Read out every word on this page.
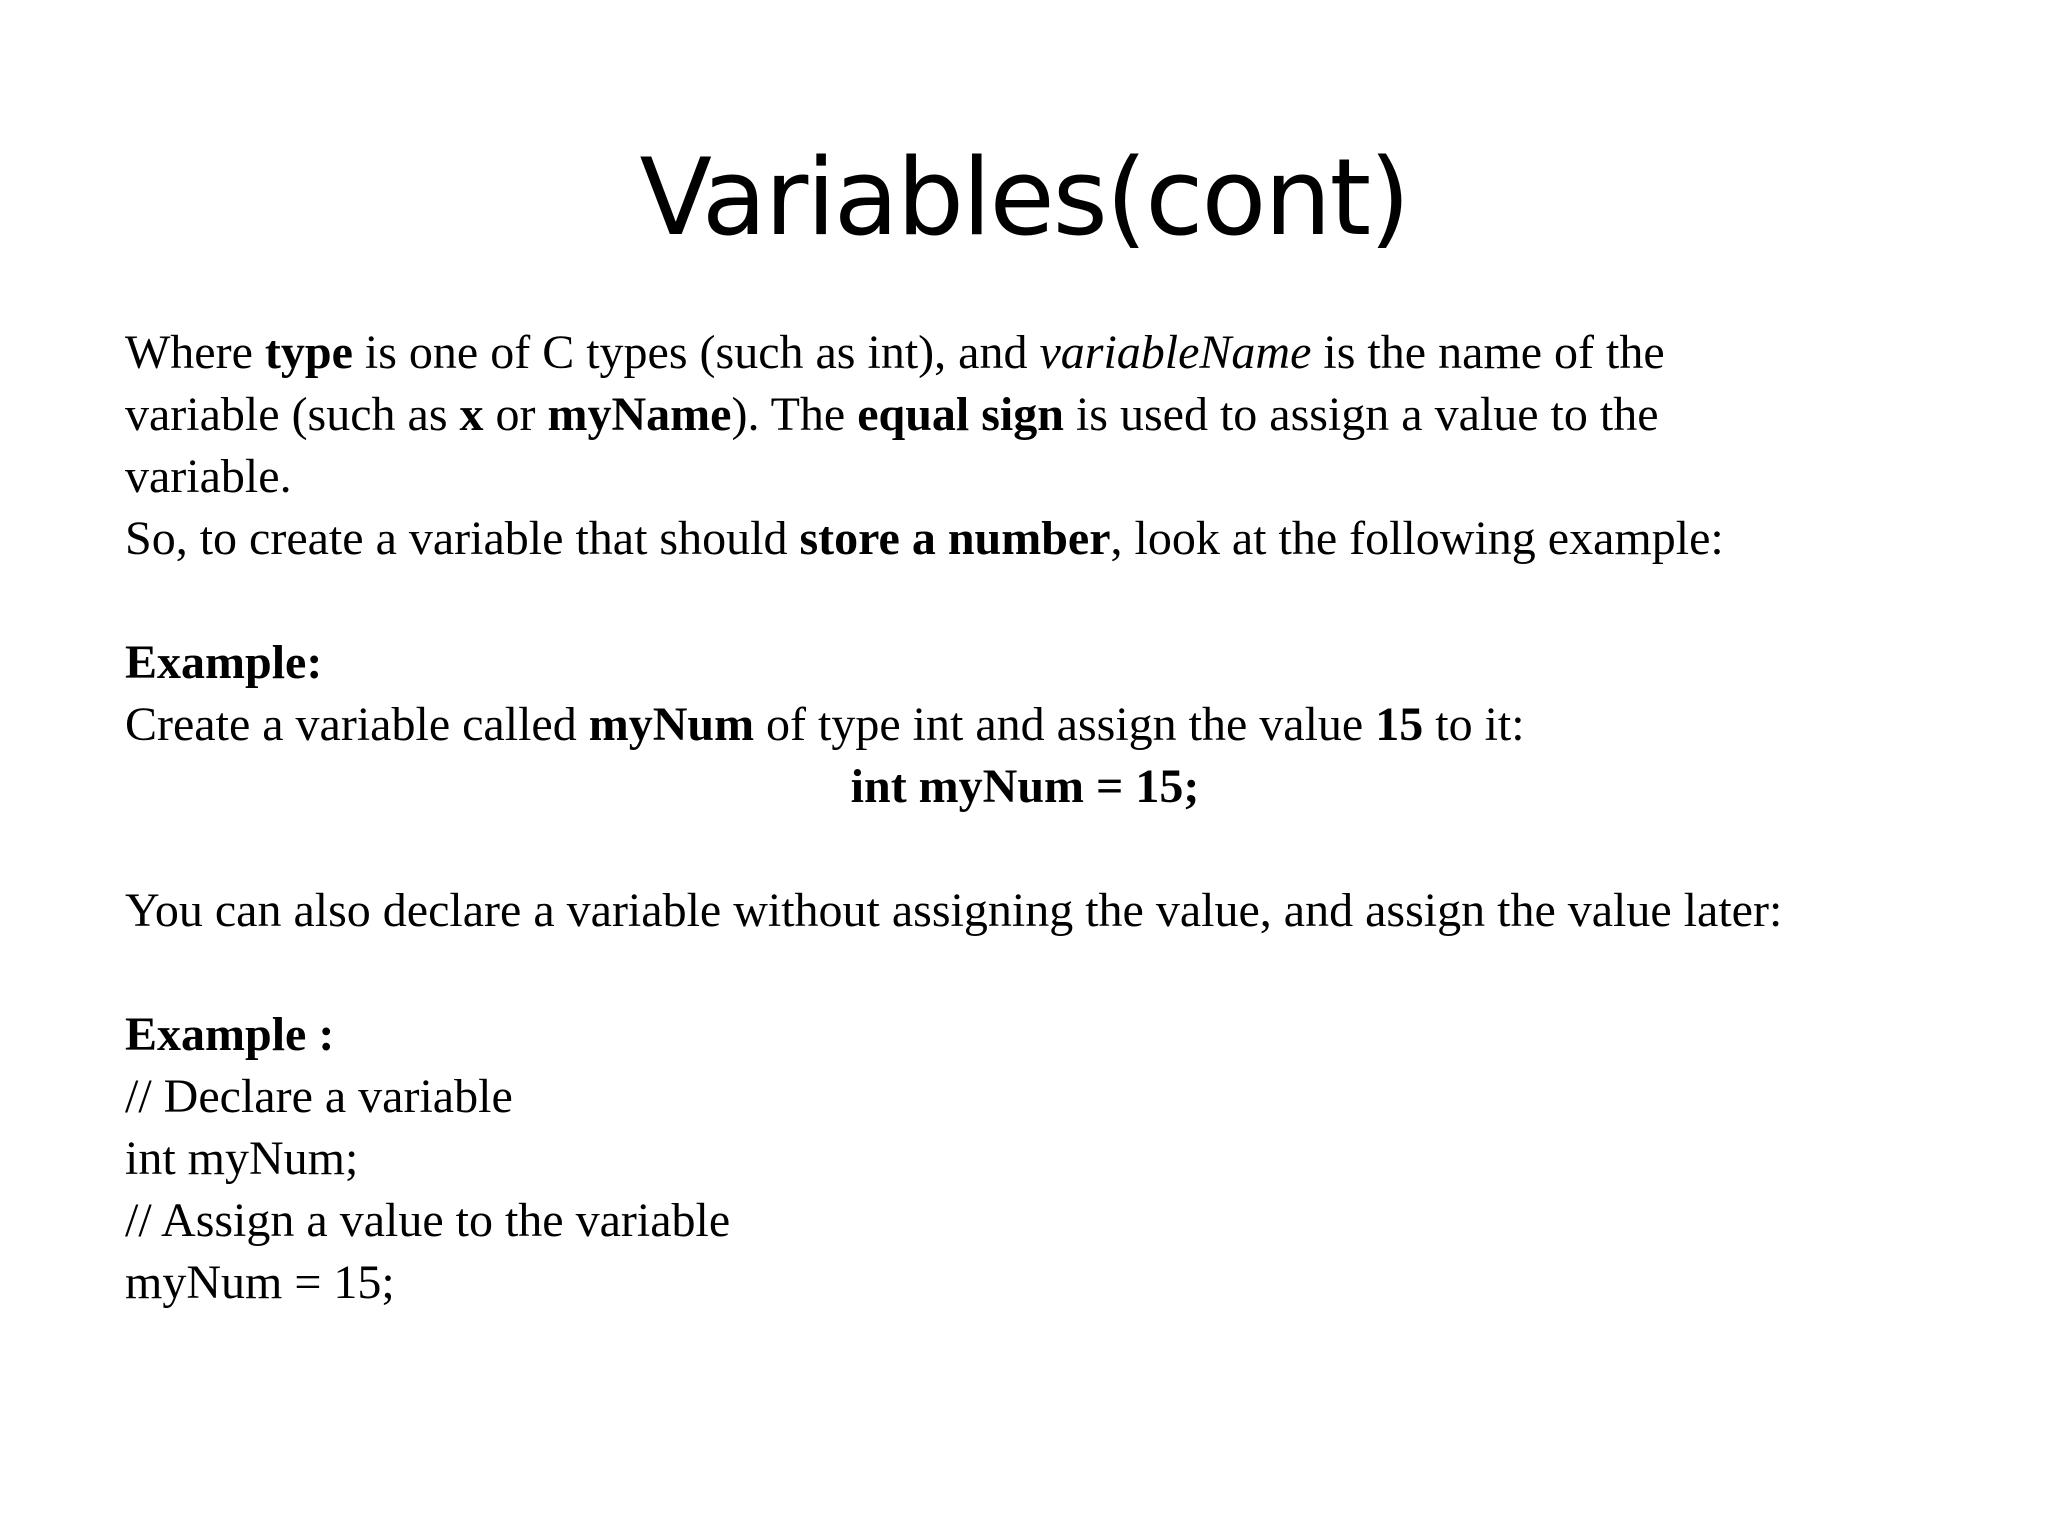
Variables(cont)
Where type is one of C types (such as int), and variableName is the name of the
variable (such as x or myName). The equal sign is used to assign a value to the
variable.
So, to create a variable that should store a number, look at the following example:
Example:
Create a variable called myNum of type int and assign the value 15 to it:
int myNum = 15;
You can also declare a variable without assigning the value, and assign the value later:
Example :
// Declare a variable
int myNum;
// Assign a value to the variable
myNum = 15;
